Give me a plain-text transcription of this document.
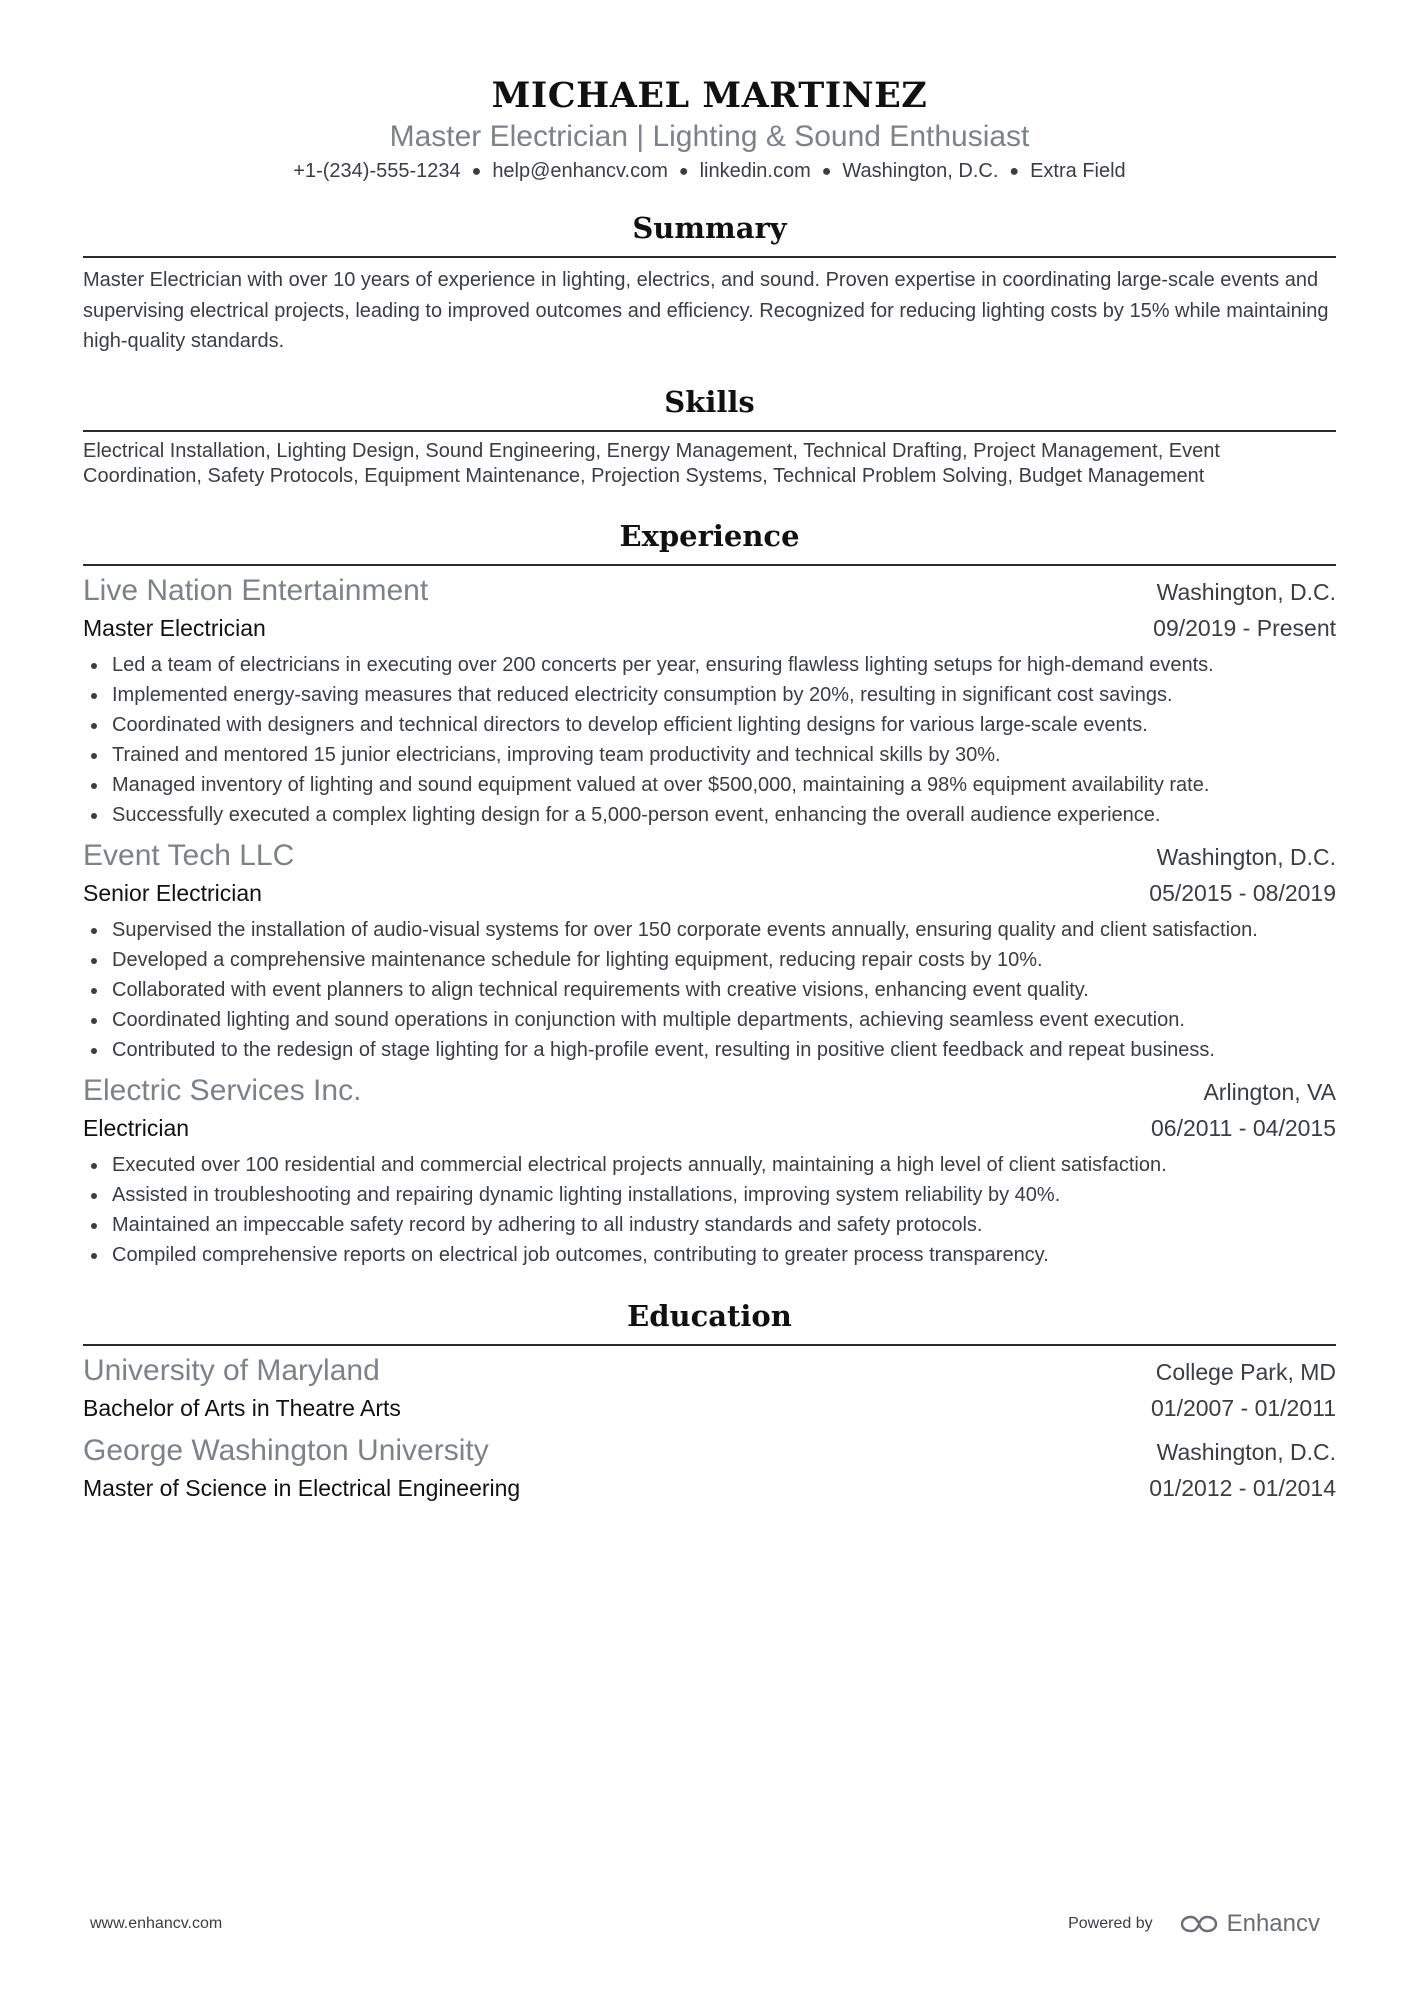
MICHAEL MARTINEZ
Master Electrician | Lighting & Sound Enthusiast
+1-(234)-555-1234 ● help@enhancv.com ● linkedin.com ● Washington, D.C. ● Extra Field
Summary
Master Electrician with over 10 years of experience in lighting, electrics, and sound. Proven expertise in coordinating large-scale events and supervising electrical projects, leading to improved outcomes and efficiency. Recognized for reducing lighting costs by 15% while maintaining high-quality standards.
Skills
Electrical Installation, Lighting Design, Sound Engineering, Energy Management, Technical Drafting, Project Management, Event Coordination, Safety Protocols, Equipment Maintenance, Projection Systems, Technical Problem Solving, Budget Management
Experience
Live Nation Entertainment	Washington, D.C.
Master Electrician	09/2019 - Present
Led a team of electricians in executing over 200 concerts per year, ensuring flawless lighting setups for high-demand events.
Implemented energy-saving measures that reduced electricity consumption by 20%, resulting in significant cost savings.
Coordinated with designers and technical directors to develop efficient lighting designs for various large-scale events.
Trained and mentored 15 junior electricians, improving team productivity and technical skills by 30%.
Managed inventory of lighting and sound equipment valued at over $500,000, maintaining a 98% equipment availability rate.
Successfully executed a complex lighting design for a 5,000-person event, enhancing the overall audience experience.
Event Tech LLC	Washington, D.C.
Senior Electrician	05/2015 - 08/2019
Supervised the installation of audio-visual systems for over 150 corporate events annually, ensuring quality and client satisfaction.
Developed a comprehensive maintenance schedule for lighting equipment, reducing repair costs by 10%.
Collaborated with event planners to align technical requirements with creative visions, enhancing event quality.
Coordinated lighting and sound operations in conjunction with multiple departments, achieving seamless event execution.
Contributed to the redesign of stage lighting for a high-profile event, resulting in positive client feedback and repeat business.
Electric Services Inc.	Arlington, VA
Electrician	06/2011 - 04/2015
Executed over 100 residential and commercial electrical projects annually, maintaining a high level of client satisfaction.
Assisted in troubleshooting and repairing dynamic lighting installations, improving system reliability by 40%.
Maintained an impeccable safety record by adhering to all industry standards and safety protocols.
Compiled comprehensive reports on electrical job outcomes, contributing to greater process transparency.
Education
University of Maryland	College Park, MD
Bachelor of Arts in Theatre Arts	01/2007 - 01/2011
George Washington University	Washington, D.C.
Master of Science in Electrical Engineering	01/2012 - 01/2014
www.enhancv.com	Powered by	Enhancv
